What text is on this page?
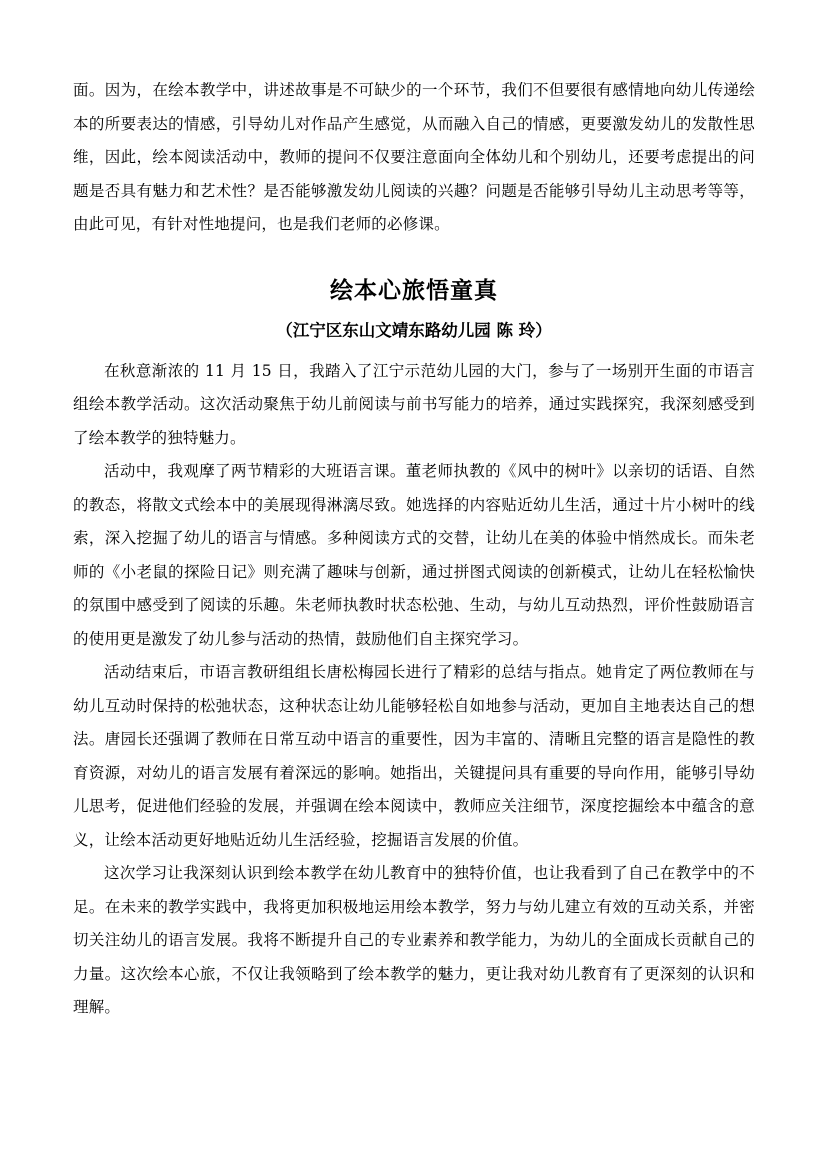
面。因为，在绘本教学中，讲述故事是不可缺少的一个环节，我们不但要很有感情地向幼儿传递绘本的所要表达的情感，引导幼儿对作品产生感觉，从而融入自己的情感，更要激发幼儿的发散性思维，因此，绘本阅读活动中，教师的提问不仅要注意面向全体幼儿和个别幼儿，还要考虑提出的问题是否具有魅力和艺术性？是否能够激发幼儿阅读的兴趣？问题是否能够引导幼儿主动思考等等，由此可见，有针对性地提问，也是我们老师的必修课。

绘本心旅悟童真

（江宁区东山文靖东路幼儿园 陈 玲）

在秋意渐浓的 11 月 15 日，我踏入了江宁示范幼儿园的大门，参与了一场别开生面的市语言组绘本教学活动。这次活动聚焦于幼儿前阅读与前书写能力的培养，通过实践探究，我深刻感受到了绘本教学的独特魅力。

活动中，我观摩了两节精彩的大班语言课。董老师执教的《风中的树叶》以亲切的话语、自然的教态，将散文式绘本中的美展现得淋漓尽致。她选择的内容贴近幼儿生活，通过十片小树叶的线索，深入挖掘了幼儿的语言与情感。多种阅读方式的交替，让幼儿在美的体验中悄然成长。而朱老师的《小老鼠的探险日记》则充满了趣味与创新，通过拼图式阅读的创新模式，让幼儿在轻松愉快的氛围中感受到了阅读的乐趣。朱老师执教时状态松弛、生动，与幼儿互动热烈，评价性鼓励语言的使用更是激发了幼儿参与活动的热情，鼓励他们自主探究学习。

活动结束后，市语言教研组组长唐松梅园长进行了精彩的总结与指点。她肯定了两位教师在与幼儿互动时保持的松弛状态，这种状态让幼儿能够轻松自如地参与活动，更加自主地表达自己的想法。唐园长还强调了教师在日常互动中语言的重要性，因为丰富的、清晰且完整的语言是隐性的教育资源，对幼儿的语言发展有着深远的影响。她指出，关键提问具有重要的导向作用，能够引导幼儿思考，促进他们经验的发展，并强调在绘本阅读中，教师应关注细节，深度挖掘绘本中蕴含的意义，让绘本活动更好地贴近幼儿生活经验，挖掘语言发展的价值。

这次学习让我深刻认识到绘本教学在幼儿教育中的独特价值，也让我看到了自己在教学中的不足。在未来的教学实践中，我将更加积极地运用绘本教学，努力与幼儿建立有效的互动关系，并密切关注幼儿的语言发展。我将不断提升自己的专业素养和教学能力，为幼儿的全面成长贡献自己的力量。这次绘本心旅，不仅让我领略到了绘本教学的魅力，更让我对幼儿教育有了更深刻的认识和理解。
